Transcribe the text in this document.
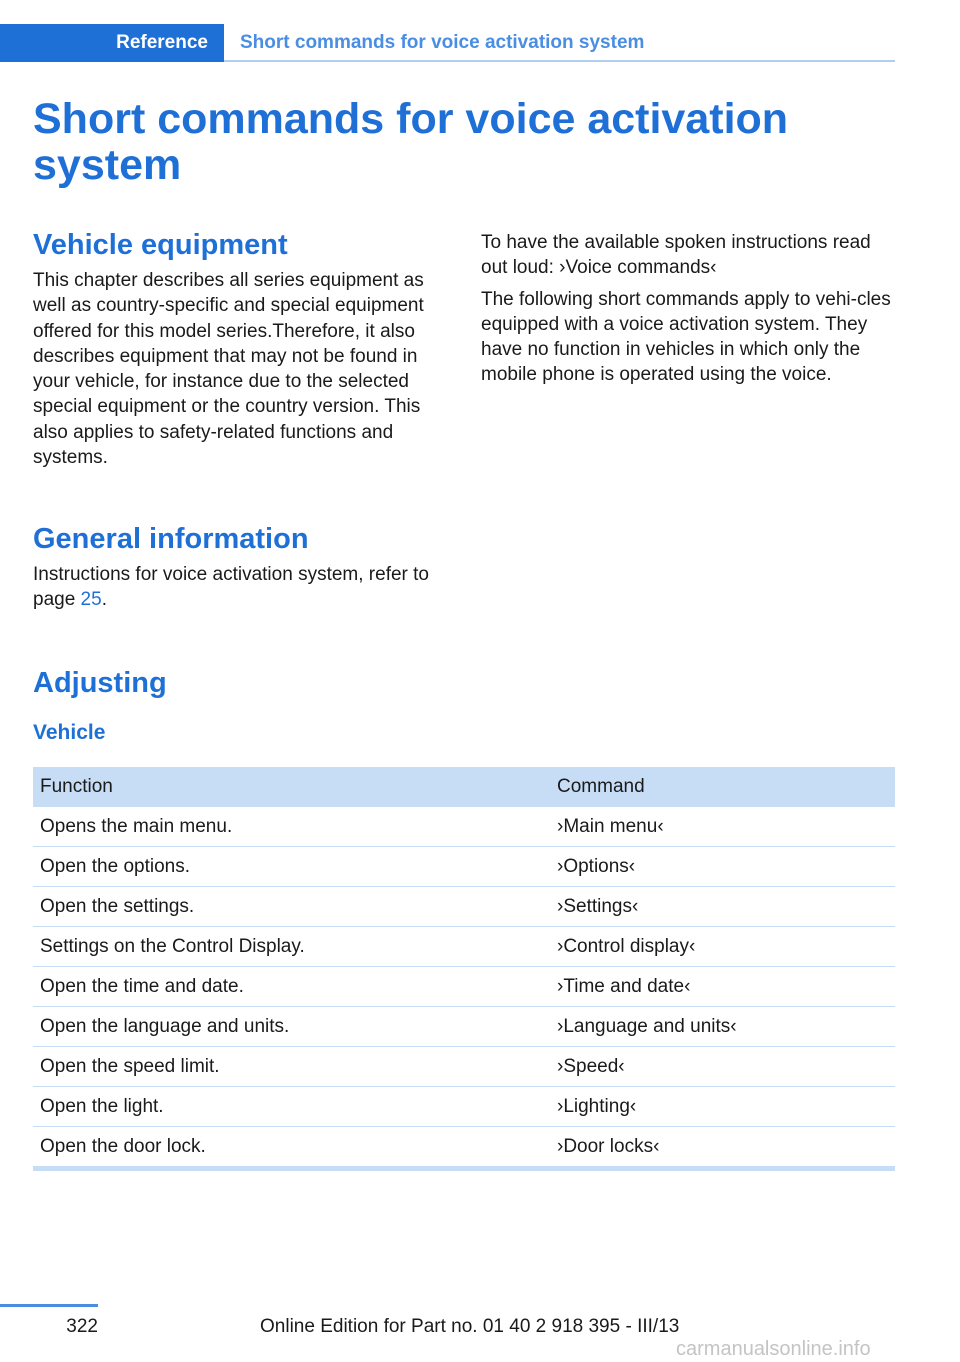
Reference	Short commands for voice activation system
Short commands for voice activation system
Vehicle equipment

This chapter describes all series equipment as well as country-specific and special equipment offered for this model series.Therefore, it also describes equipment that may not be found in your vehicle, for instance due to the selected special equipment or the country version. This also applies to safety-related functions and systems.

General information

Instructions for voice activation system, refer to page 25.

To have the available spoken instructions read out loud: ›Voice commands‹

The following short commands apply to vehi‐cles equipped with a voice activation system. They have no function in vehicles in which only the mobile phone is operated using the voice.

Adjusting
Vehicle
Function	Command
Opens the main menu.	›Main menu‹
Open the options.	›Options‹
Open the settings.	›Settings‹
Settings on the Control Display.	›Control display‹
Open the time and date.	›Time and date‹
Open the language and units.	›Language and units‹
Open the speed limit.	›Speed‹
Open the light.	›Lighting‹
Open the door lock.	›Door locks‹
322	Online Edition for Part no. 01 40 2 918 395 - III/13
carmanualsonline.info
